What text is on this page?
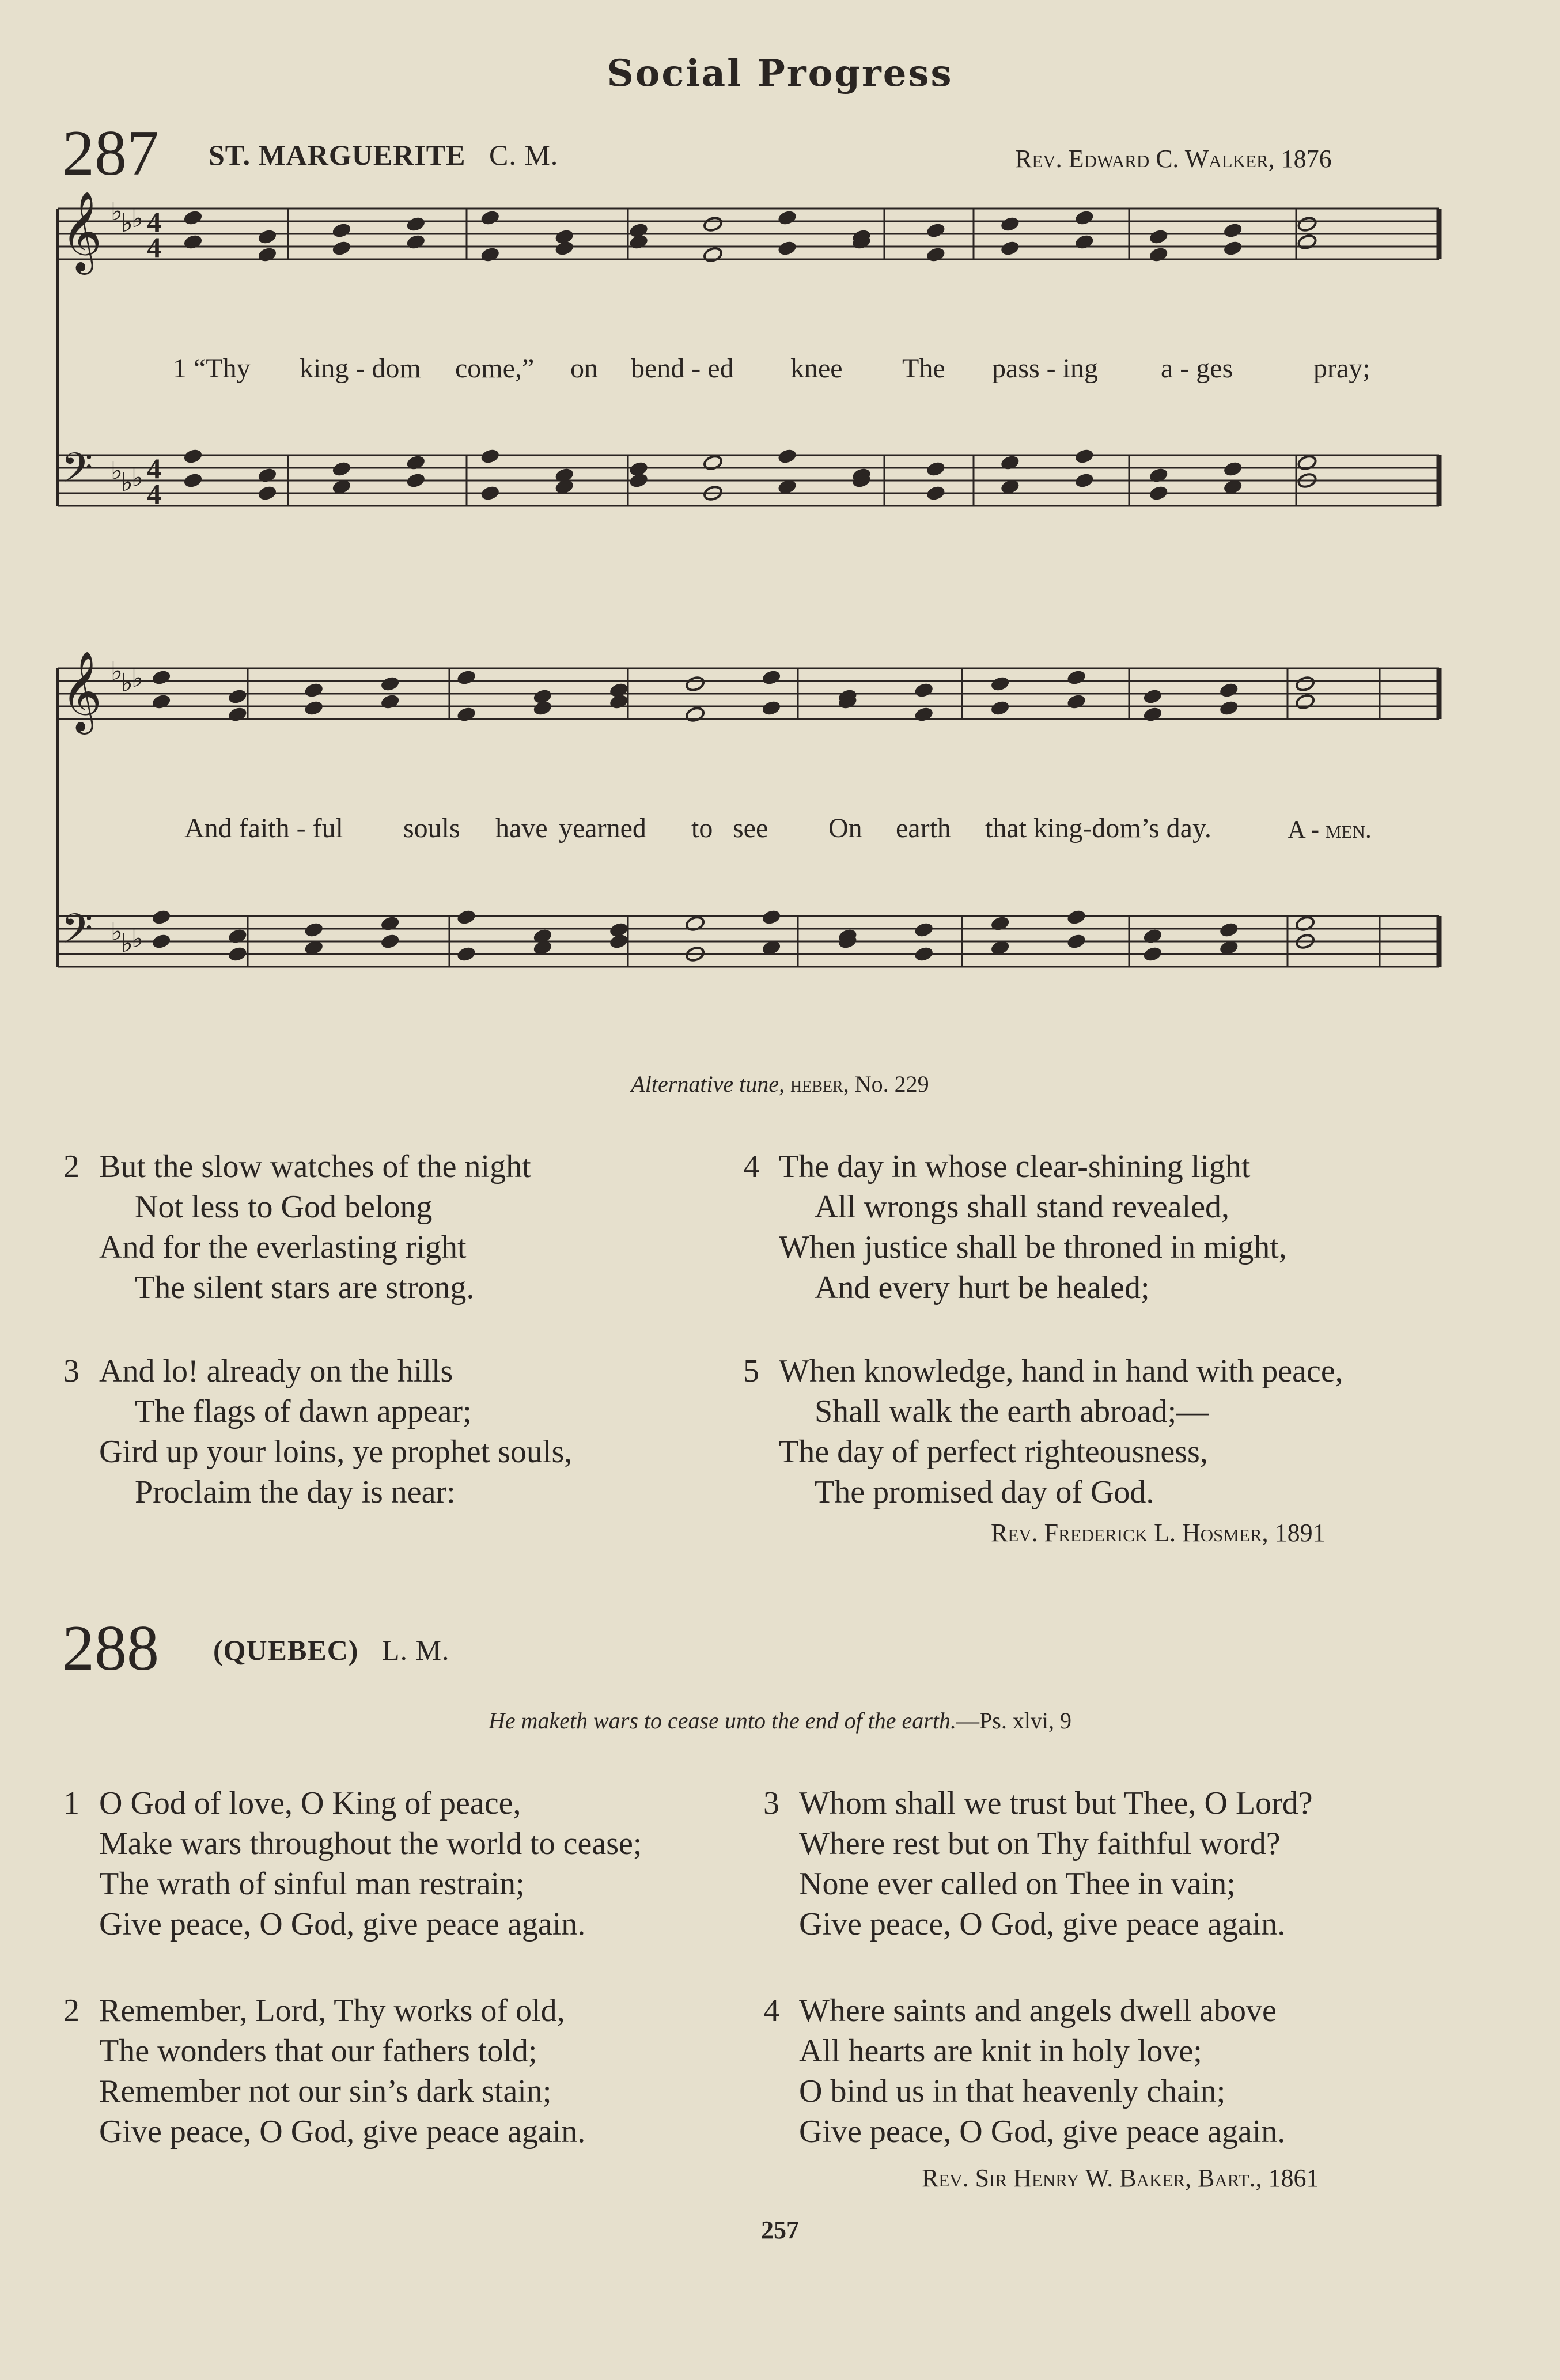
Social Progress
287 ST. MARGUERITE C. M.	Rev. Edward C. Walker, 1876
𝄞
𝄢
♭
♭
♭
♭
♭
♭
4
4
4
4
𝄞
𝄢
♭
♭
♭
♭
♭
♭
1 “Thy king - dom come,” on bend - ed knee The pass - ing a - ges	pray;
And faith - ful souls have yearned to see On earth that king-dom’s day.	A - men.
Alternative tune, heber, No. 229
2 But the slow watches of the night
Not less to God belong
And for the everlasting right
The silent stars are strong.
4 The day in whose clear-shining light
All wrongs shall stand revealed,
When justice shall be throned in might,
And every hurt be healed;
3 And lo! already on the hills
The flags of dawn appear;
Gird up your loins, ye prophet souls,
Proclaim the day is near:
5 When knowledge, hand in hand with peace,
Shall walk the earth abroad;—
The day of perfect righteousness,
The promised day of God.
Rev. Frederick L. Hosmer, 1891
288 (QUEBEC) L. M.
He maketh wars to cease unto the end of the earth.—Ps. xlvi, 9
1 O God of love, O King of peace,
Make wars throughout the world to cease;
The wrath of sinful man restrain;
Give peace, O God, give peace again.
3 Whom shall we trust but Thee, O Lord?
Where rest but on Thy faithful word?
None ever called on Thee in vain;
Give peace, O God, give peace again.
2 Remember, Lord, Thy works of old,
The wonders that our fathers told;
Remember not our sin’s dark stain;
Give peace, O God, give peace again.
4 Where saints and angels dwell above
All hearts are knit in holy love;
O bind us in that heavenly chain;
Give peace, O God, give peace again.
Rev. Sir Henry W. Baker, Bart., 1861
257
